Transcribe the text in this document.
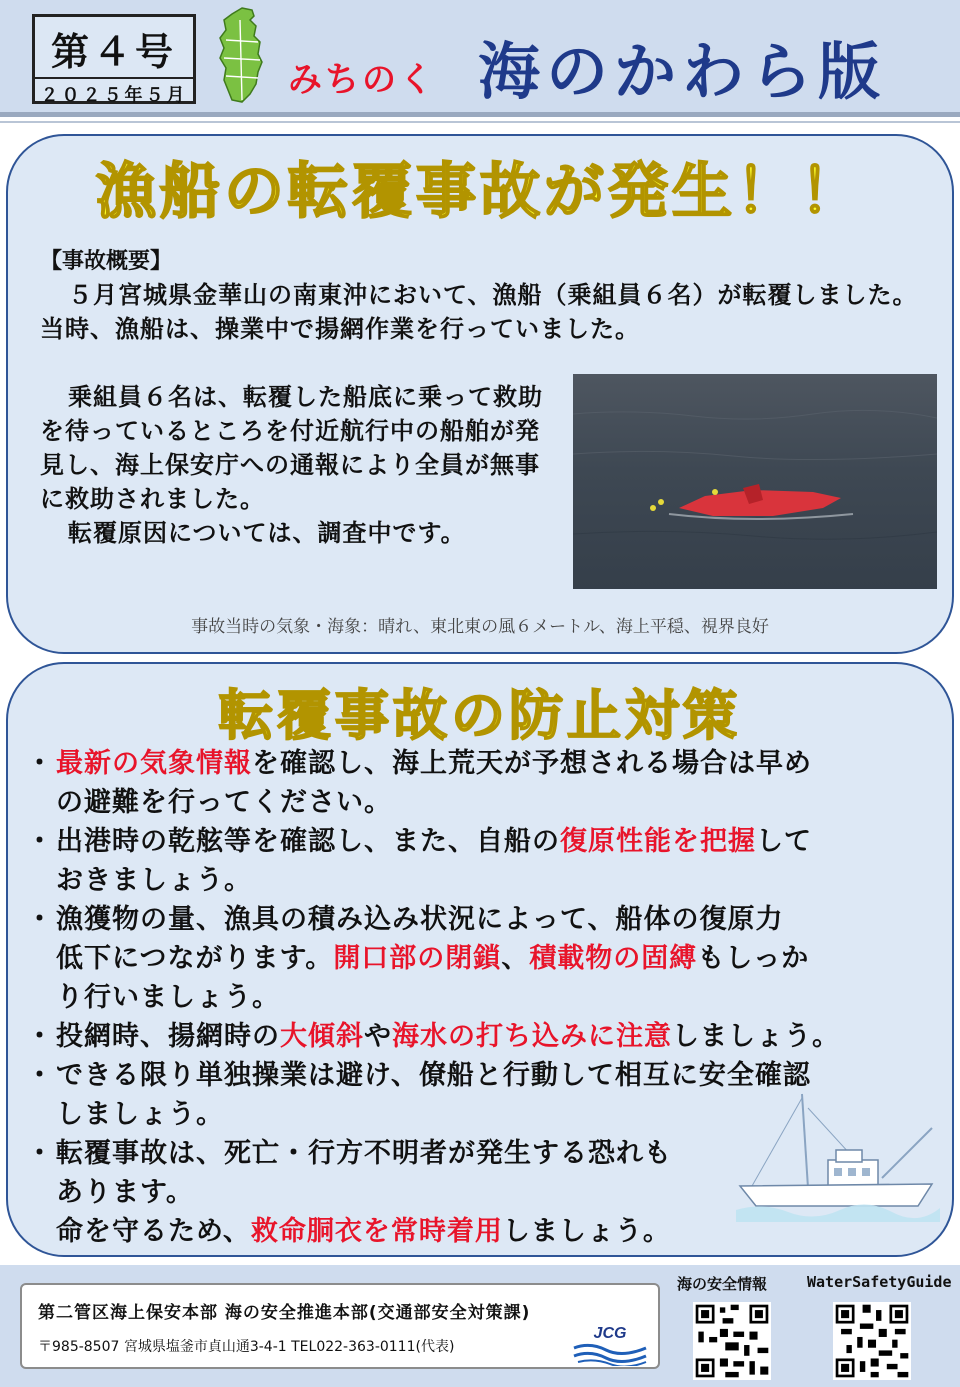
第４号
２０２５年５月	みちのく 海のかわら版
漁船の転覆事故が発生！！
【事故概要】
５月宮城県金華山の南東沖において、漁船（乗組員６名）が転覆しました。当時、漁船は、操業中で揚網作業を行っていました。

乗組員６名は、転覆した船底に乗って救助を待っているところを付近航行中の船舶が発見し、海上保安庁への通報により全員が無事に救助されました。

転覆原因については、調査中です。

事故当時の気象・海象：晴れ、東北東の風６メートル、海上平穏、視界良好
転覆事故の防止対策
・ 最新の気象情報を確認し、海上荒天が予想される場合は早め
の避難を行ってください。
・ 出港時の乾舷等を確認し、また、自船の復原性能を把握して
おきましょう。
・ 漁獲物の量、漁具の積み込み状況によって、船体の復原力
低下につながります。開口部の閉鎖、積載物の固縛もしっか
り行いましょう。
・ 投網時、揚網時の大傾斜や海水の打ち込みに注意しましょう。
・ できる限り単独操業は避け、僚船と行動して相互に安全確認
しましょう。
・ 転覆事故は、死亡・行方不明者が発生する恐れも
あります。
命を守るため、救命胴衣を常時着用しましょう。
第二管区海上保安本部 海の安全推進本部(交通部安全対策課)
〒985-8507 宮城県塩釜市貞山通3-4-1 TEL022-363-0111(代表)
JCG
海の安全情報	WaterSafetyGuide
